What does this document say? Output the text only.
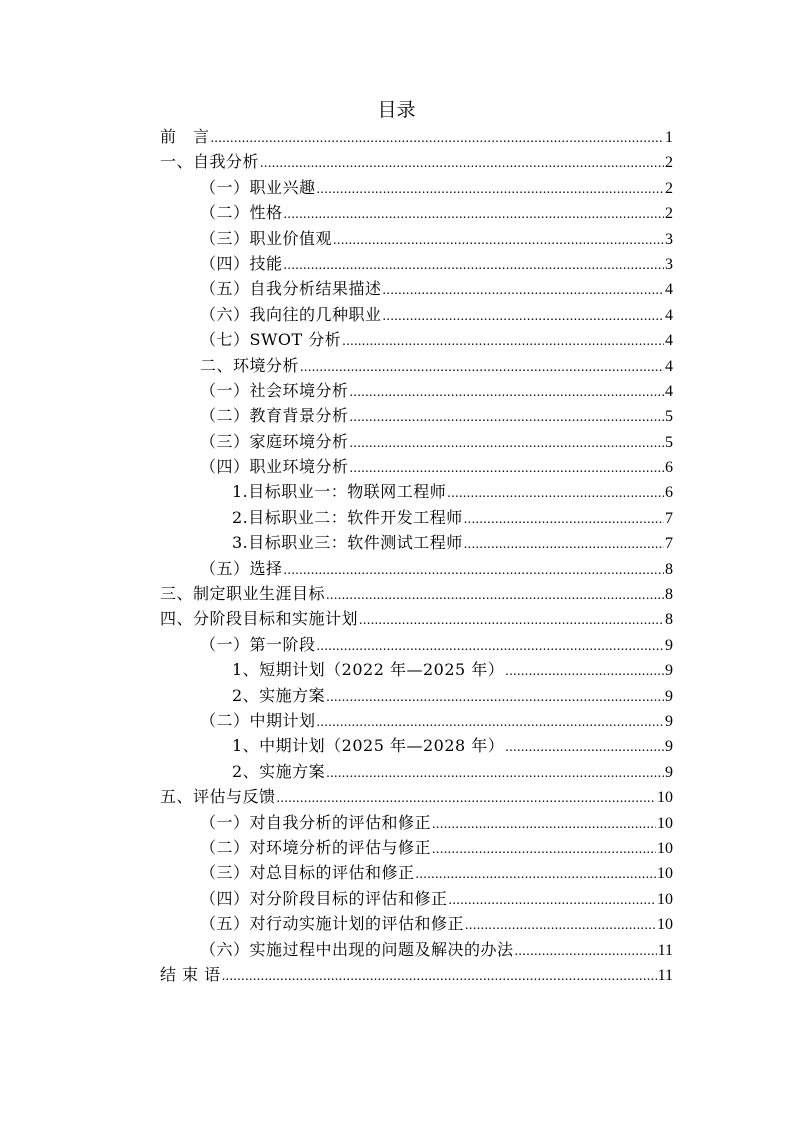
目录
前　言 .....	1
一、自我分析 .....	2
（一）职业兴趣 .....	2
（二）性格 .....	2
（三）职业价值观 .....	3
（四）技能 .....	3
（五）自我分析结果描述 .....	4
（六）我向往的几种职业 .....	4
（七）SWOT 分析 .....	4
二、环境分析 .....	4
（一）社会环境分析 .....	4
（二）教育背景分析 .....	5
（三）家庭环境分析 .....	5
（四）职业环境分析 .....	6
1.目标职业一：物联网工程师 .....	6
2.目标职业二：软件开发工程师 .....	7
3.目标职业三：软件测试工程师 .....	7
（五）选择 .....	8
三、制定职业生涯目标 .....	8
四、分阶段目标和实施计划 .....	8
（一）第一阶段 .....	9
1、短期计划（2022 年—2025 年） .....	9
2、实施方案 .....	9
（二）中期计划 .....	9
1、中期计划（2025 年—2028 年） .....	9
2、实施方案 .....	9
五、评估与反馈 .....	10
（一）对自我分析的评估和修正 .....	10
（二）对环境分析的评估与修正 .....	10
（三）对总目标的评估和修正 .....	10
（四）对分阶段目标的评估和修正 .....	10
（五）对行动实施计划的评估和修正 .....	10
（六）实施过程中出现的问题及解决的办法 .....	11
结 束 语 .....	11
